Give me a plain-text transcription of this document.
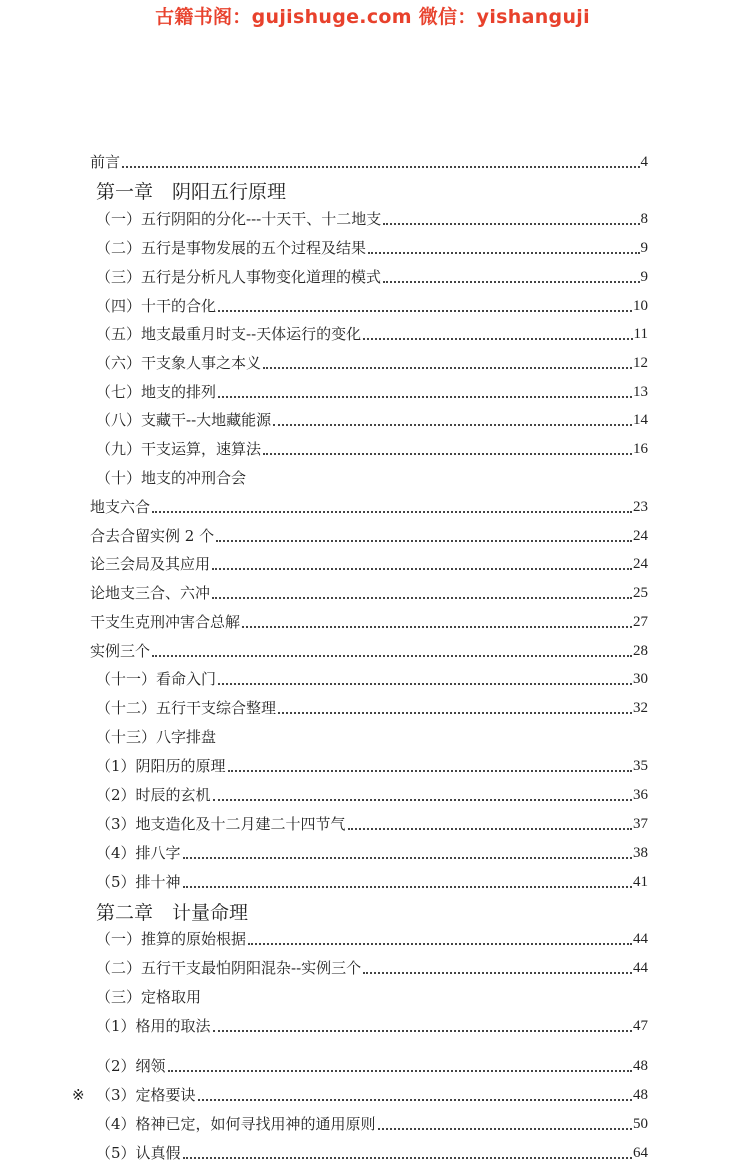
古籍书阁：gujishuge.com 微信：yishanguji
前言	4
第一章　阴阳五行原理
（一）五行阴阳的分化---十天干、十二地支	8
（二）五行是事物发展的五个过程及结果	9
（三）五行是分析凡人事物变化道理的模式	9
（四）十干的合化	10
（五）地支最重月时支--天体运行的变化	11
（六）干支象人事之本义	12
（七）地支的排列	13
（八）支藏干--大地藏能源	14
（九）干支运算，速算法	16
（十）地支的冲刑合会
地支六合	23
合去合留实例 2 个	24
论三会局及其应用	24
论地支三合、六冲	25
干支生克刑冲害合总解	27
实例三个	28
（十一）看命入门	30
（十二）五行干支综合整理	32
（十三）八字排盘
（1）阴阳历的原理	35
（2）时辰的玄机	36
（3）地支造化及十二月建二十四节气	37
（4）排八字	38
（5）排十神	41
第二章　计量命理
（一）推算的原始根据	44
（二）五行干支最怕阴阳混杂--实例三个	44
（三）定格取用
（1）格用的取法	47
（2）纲领	48
（3）定格要诀	48
（4）格神已定，如何寻找用神的通用原则	50
（5）认真假	64
※
